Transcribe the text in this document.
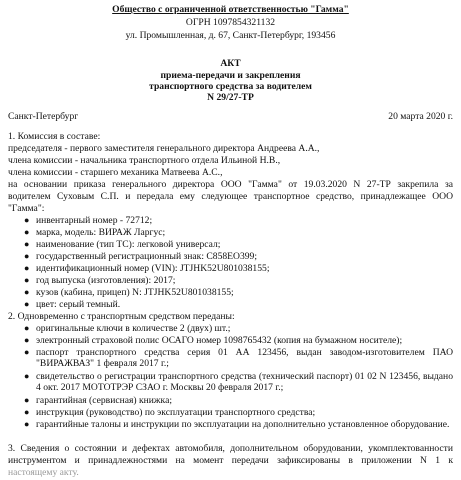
Общество с ограниченной ответственностью "Гамма"
ОГРН 1097854321132
ул. Промышленная, д. 67, Санкт-Петербург, 193456
АКТ
приема-передачи и закрепления
транспортного средства за водителем
N 29/27-ТР
Санкт-Петербург	20 марта 2020 г.
1. Комиссия в составе:
председателя - первого заместителя генерального директора Андреева А.А.,
члена комиссии - начальника транспортного отдела Ильиной Н.В.,
члена комиссии - старшего механика Матвеева А.С.,
на основании приказа генерального директора ООО "Гамма" от 19.03.2020 N 27-ТР закрепила за
водителем Суховым С.П. и передала ему следующее транспортное средство, принадлежащее ООО
"Гамма":
● инвентарный номер - 72712;
● марка, модель: ВИРАЖ Ларгус;
● наименование (тип ТС): легковой универсал;
● государственный регистрационный знак: С858ЕО399;
● идентификационный номер (VIN): JTJHK52U801038155;
● год выпуска (изготовления): 2017;
● кузов (кабина, прицеп) N: JTJHK52U801038155;
● цвет: серый темный.
2. Одновременно с транспортным средством переданы:
● оригинальные ключи в количестве 2 (двух) шт.;
● электронный страховой полис ОСАГО номер 1098765432 (копия на бумажном носителе);
● паспорт транспортного средства серия 01 АА 123456, выдан заводом-изготовителем ПАО "ВИРАЖВАЗ" 1 февраля 2017 г.;
● свидетельство о регистрации транспортного средства (технический паспорт) 01 02 N 123456, выдано 4 окт. 2017 МОТОТРЭР СЗАО г. Москвы 20 февраля 2017 г.;
● гарантийная (сервисная) книжка;
● инструкция (руководство) по эксплуатации транспортного средства;
● гарантийные талоны и инструкции по эксплуатации на дополнительно установленное оборудование.
3. Сведения о состоянии и дефектах автомобиля, дополнительном оборудовании, укомплектованности
инструментом и принадлежностями на момент передачи зафиксированы в приложении N 1 к
настоящему акту.
